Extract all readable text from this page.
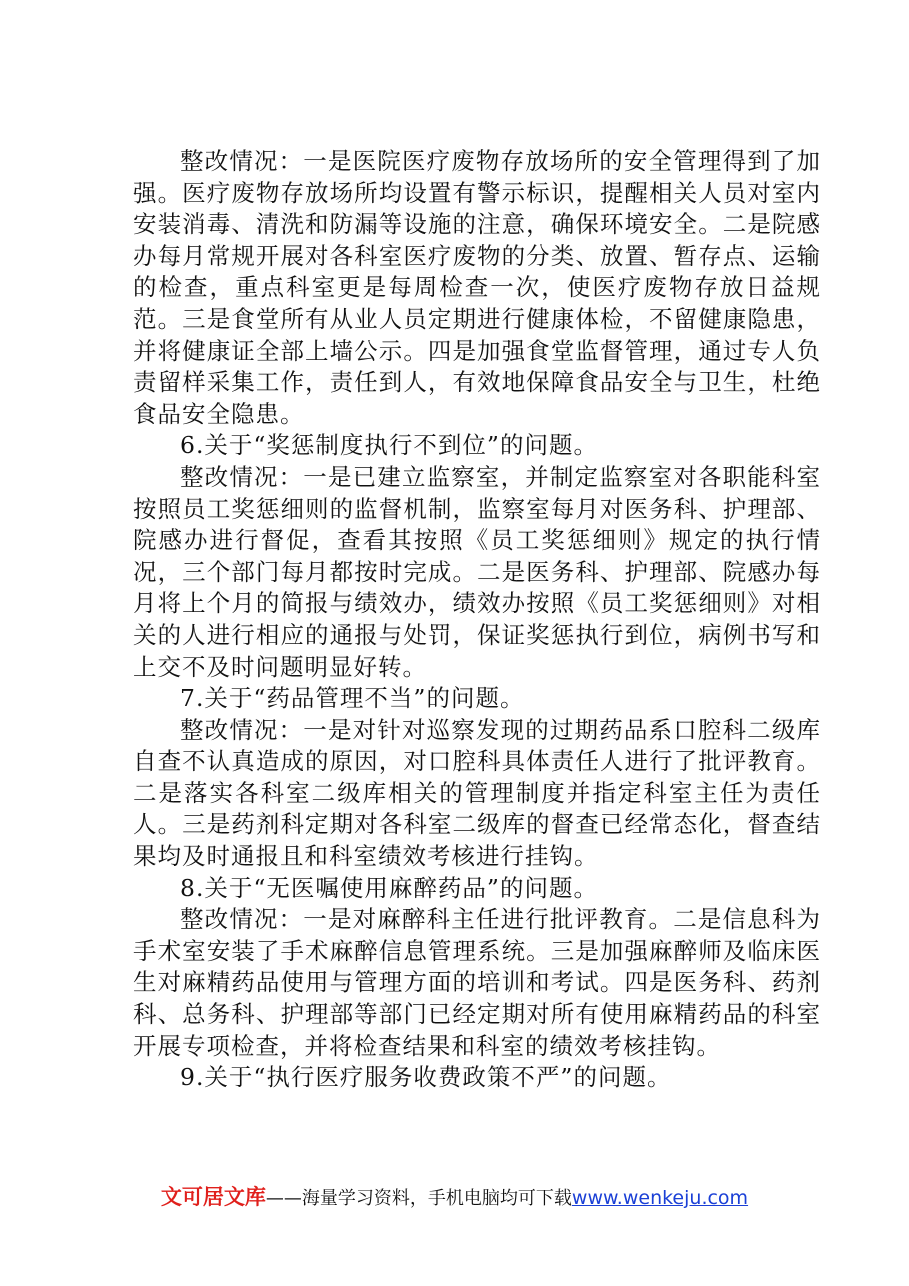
整改情况：一是医院医疗废物存放场所的安全管理得到了加强。医疗废物存放场所均设置有警示标识，提醒相关人员对室内安装消毒、清洗和防漏等设施的注意，确保环境安全。二是院感办每月常规开展对各科室医疗废物的分类、放置、暂存点、运输的检查，重点科室更是每周检查一次，使医疗废物存放日益规范。三是食堂所有从业人员定期进行健康体检，不留健康隐患，并将健康证全部上墙公示。四是加强食堂监督管理，通过专人负责留样采集工作，责任到人，有效地保障食品安全与卫生，杜绝食品安全隐患。

6.关于“奖惩制度执行不到位”的问题。

整改情况：一是已建立监察室，并制定监察室对各职能科室按照员工奖惩细则的监督机制，监察室每月对医务科、护理部、院感办进行督促，查看其按照《员工奖惩细则》规定的执行情况，三个部门每月都按时完成。二是医务科、护理部、院感办每月将上个月的简报与绩效办，绩效办按照《员工奖惩细则》对相关的人进行相应的通报与处罚，保证奖惩执行到位，病例书写和上交不及时问题明显好转。

7.关于“药品管理不当”的问题。

整改情况：一是对针对巡察发现的过期药品系口腔科二级库自查不认真造成的原因，对口腔科具体责任人进行了批评教育。二是落实各科室二级库相关的管理制度并指定科室主任为责任人。三是药剂科定期对各科室二级库的督查已经常态化，督查结果均及时通报且和科室绩效考核进行挂钩。

8.关于“无医嘱使用麻醉药品”的问题。

整改情况：一是对麻醉科主任进行批评教育。二是信息科为手术室安装了手术麻醉信息管理系统。三是加强麻醉师及临床医生对麻精药品使用与管理方面的培训和考试。四是医务科、药剂科、总务科、护理部等部门已经定期对所有使用麻精药品的科室开展专项检查，并将检查结果和科室的绩效考核挂钩。

9.关于“执行医疗服务收费政策不严”的问题。

文可居文库——海量学习资料，手机电脑均可下载www.wenkeju.com
